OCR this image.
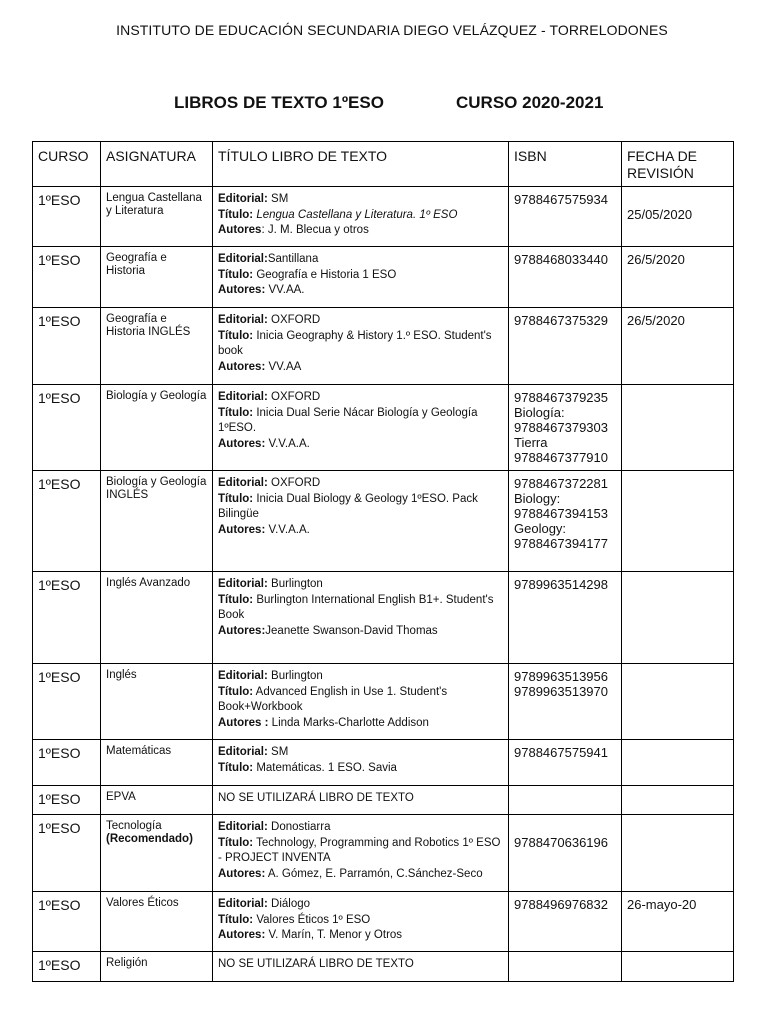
INSTITUTO DE EDUCACIÓN SECUNDARIA DIEGO VELÁZQUEZ - TORRELODONES
LIBROS DE TEXTO 1ºESO	CURSO 2020-2021
CURSO	ASIGNATURA	TÍTULO LIBRO DE TEXTO	ISBN	FECHA DE REVISIÓN
1ºESO	Lengua Castellana y Literatura	Editorial: SM
Título: Lengua Castellana y Literatura. 1º ESO
Autores: J. M. Blecua y otros	9788467575934	25/05/2020
1ºESO	Geografía e Historia	Editorial:Santillana
Título: Geografía e Historia 1 ESO
Autores: VV.AA.	9788468033440	26/5/2020
1ºESO	Geografía e Historia INGLÉS	Editorial: OXFORD
Título: Inicia Geography & History 1.º ESO. Student's book
Autores: VV.AA	9788467375329	26/5/2020
1ºESO	Biología y Geología	Editorial: OXFORD
Título: Inicia Dual Serie Nácar Biología y Geología 1ºESO.
Autores: V.V.A.A.	9788467379235
Biología:
9788467379303
Tierra
9788467377910	

1ºESO	Biología y Geología INGLÉS	Editorial: OXFORD
Título: Inicia Dual Biology & Geology 1ºESO. Pack Bilingüe
Autores: V.V.A.A.	9788467372281
Biology:
9788467394153
Geology:
9788467394177	

1ºESO	Inglés Avanzado	Editorial: Burlington
Título: Burlington International English B1+. Student's Book
Autores:Jeanette Swanson-David Thomas	9789963514298	

1ºESO	Inglés	Editorial: Burlington
Título: Advanced English in Use 1. Student's Book+Workbook
Autores : Linda Marks-Charlotte Addison	9789963513956
9789963513970	

1ºESO	Matemáticas	Editorial: SM
Título: Matemáticas. 1 ESO. Savia	9788467575941	

1ºESO	EPVA	NO SE UTILIZARÁ LIBRO DE TEXTO		
1ºESO	Tecnología
(Recomendado)	Editorial: Donostiarra
Título: Technology, Programming and Robotics 1º ESO - PROJECT INVENTA
Autores: A. Gómez, E. Parramón, C.Sánchez-Seco	9788470636196	

1ºESO	Valores Éticos	Editorial: Diálogo
Título: Valores Éticos 1º ESO
Autores: V. Marín, T. Menor y Otros	9788496976832	26-mayo-20
1ºESO	Religión	NO SE UTILIZARÁ LIBRO DE TEXTO		
